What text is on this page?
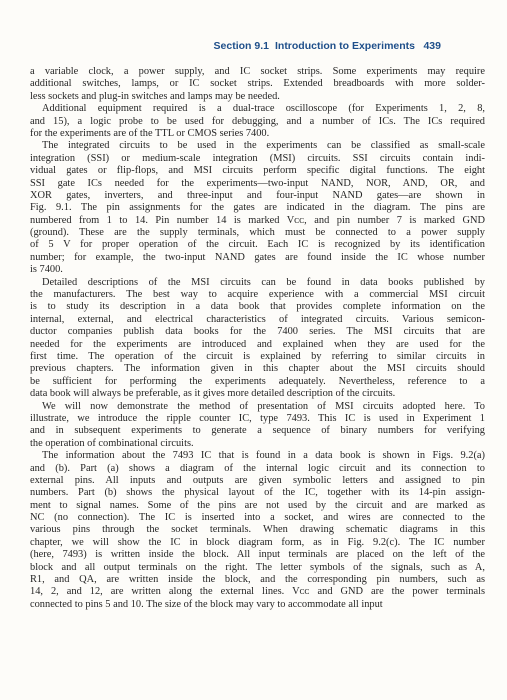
Section 9.1 Introduction to Experiments 439
a variable clock, a power supply, and IC socket strips. Some experiments may require
additional switches, lamps, or IC socket strips. Extended breadboards with more solder-
less sockets and plug-in switches and lamps may be needed.
Additional equipment required is a dual-trace oscilloscope (for Experiments 1, 2, 8,
and 15), a logic probe to be used for debugging, and a number of ICs. The ICs required
for the experiments are of the TTL or CMOS series 7400.
The integrated circuits to be used in the experiments can be classified as small-scale
integration (SSI) or medium-scale integration (MSI) circuits. SSI circuits contain indi-
vidual gates or flip-flops, and MSI circuits perform specific digital functions. The eight
SSI gate ICs needed for the experiments—two-input NAND, NOR, AND, OR, and
XOR gates, inverters, and three-input and four-input NAND gates—are shown in
Fig. 9.1. The pin assignments for the gates are indicated in the diagram. The pins are
numbered from 1 to 14. Pin number 14 is marked Vᴄᴄ, and pin number 7 is marked GND
(ground). These are the supply terminals, which must be connected to a power supply
of 5 V for proper operation of the circuit. Each IC is recognized by its identification
number; for example, the two-input NAND gates are found inside the IC whose number
is 7400.
Detailed descriptions of the MSI circuits can be found in data books published by
the manufacturers. The best way to acquire experience with a commercial MSI circuit
is to study its description in a data book that provides complete information on the
internal, external, and electrical characteristics of integrated circuits. Various semicon-
ductor companies publish data books for the 7400 series. The MSI circuits that are
needed for the experiments are introduced and explained when they are used for the
first time. The operation of the circuit is explained by referring to similar circuits in
previous chapters. The information given in this chapter about the MSI circuits should
be sufficient for performing the experiments adequately. Nevertheless, reference to a
data book will always be preferable, as it gives more detailed description of the circuits.
We will now demonstrate the method of presentation of MSI circuits adopted here. To
illustrate, we introduce the ripple counter IC, type 7493. This IC is used in Experiment 1
and in subsequent experiments to generate a sequence of binary numbers for verifying
the operation of combinational circuits.
The information about the 7493 IC that is found in a data book is shown in Figs. 9.2(a)
and (b). Part (a) shows a diagram of the internal logic circuit and its connection to
external pins. All inputs and outputs are given symbolic letters and assigned to pin
numbers. Part (b) shows the physical layout of the IC, together with its 14-pin assign-
ment to signal names. Some of the pins are not used by the circuit and are marked as
NC (no connection). The IC is inserted into a socket, and wires are connected to the
various pins through the socket terminals. When drawing schematic diagrams in this
chapter, we will show the IC in block diagram form, as in Fig. 9.2(c). The IC number
(here, 7493) is written inside the block. All input terminals are placed on the left of the
block and all output terminals on the right. The letter symbols of the signals, such as A,
R1, and QA, are written inside the block, and the corresponding pin numbers, such as
14, 2, and 12, are written along the external lines. Vᴄᴄ and GND are the power terminals
connected to pins 5 and 10. The size of the block may vary to accommodate all input
